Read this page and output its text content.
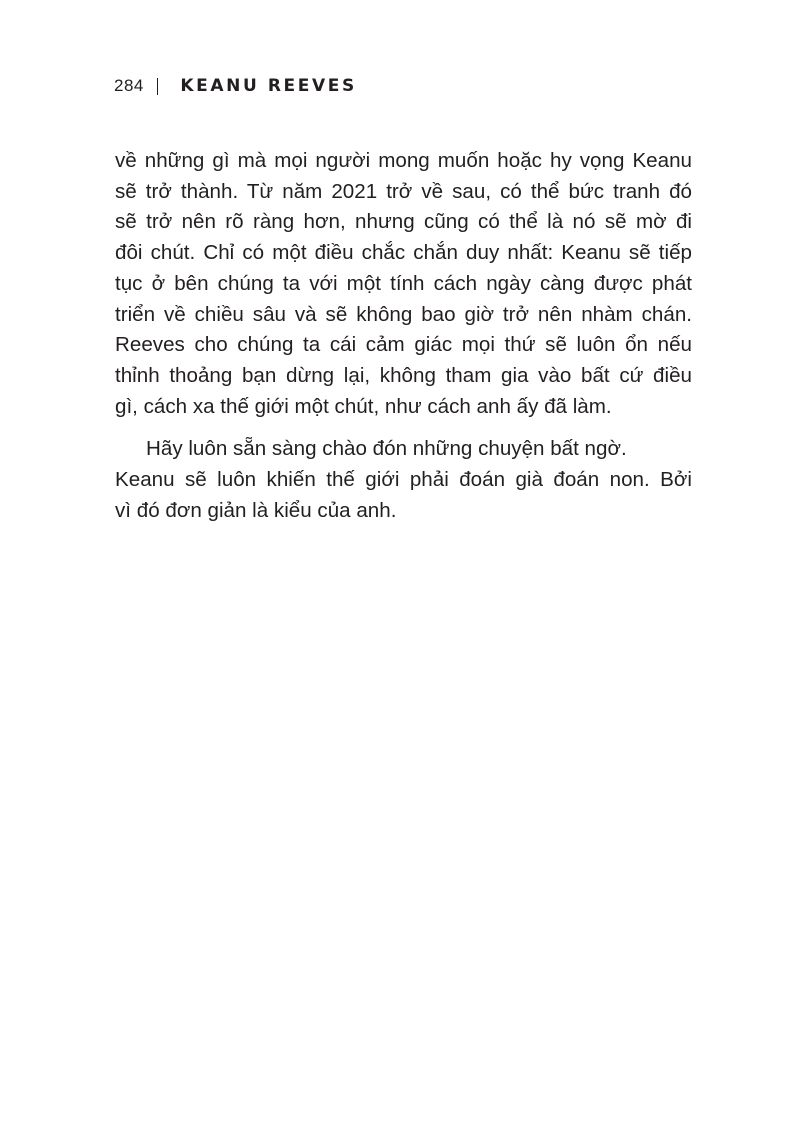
284 KEANU REEVES

về những gì mà mọi người mong muốn hoặc hy vọng Keanu
sẽ trở thành. Từ năm 2021 trở về sau, có thể bức tranh đó
sẽ trở nên rõ ràng hơn, nhưng cũng có thể là nó sẽ mờ đi
đôi chút. Chỉ có một điều chắc chắn duy nhất: Keanu sẽ tiếp
tục ở bên chúng ta với một tính cách ngày càng được phát
triển về chiều sâu và sẽ không bao giờ trở nên nhàm chán.
Reeves cho chúng ta cái cảm giác mọi thứ sẽ luôn ổn nếu
thỉnh thoảng bạn dừng lại, không tham gia vào bất cứ điều
gì, cách xa thế giới một chút, như cách anh ấy đã làm.

Hãy luôn sẵn sàng chào đón những chuyện bất ngờ.
Keanu sẽ luôn khiến thế giới phải đoán già đoán non. Bởi
vì đó đơn giản là kiểu của anh.
